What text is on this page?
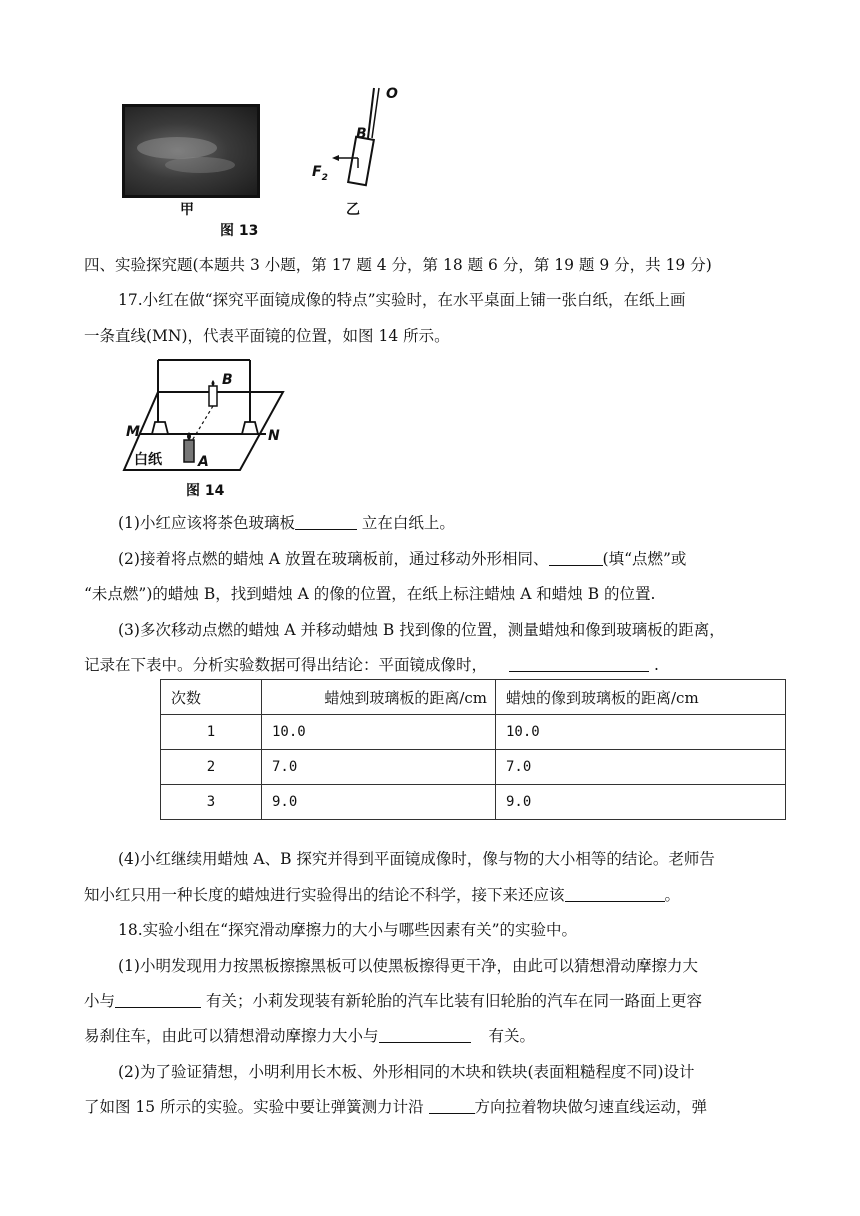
甲
O
B
$F_2$
乙
图 13
四、实验探究题(本题共 3 小题，第 17 题 4 分，第 18 题 6 分，第 19 题 9 分，共 19 分)
17.小红在做“探究平面镜成像的特点”实验时，在水平桌面上铺一张白纸，在纸上画
一条直线(MN)，代表平面镜的位置，如图 14 所示。
B
M	N
白纸	A
图 14
(1)小红应该将茶色玻璃板	立在白纸上。
(2)接着将点燃的蜡烛 A 放置在玻璃板前，通过移动外形相同、	(填“点燃”或
“未点燃”)的蜡烛 B，找到蜡烛 A 的像的位置，在纸上标注蜡烛 A 和蜡烛 B 的位置.
(3)多次移动点燃的蜡烛 A 并移动蜡烛 B 找到像的位置，测量蜡烛和像到玻璃板的距离，
记录在下表中。分析实验数据可得出结论：平面镜成像时，	.
次数	蜡烛到玻璃板的距离/cm	蜡烛的像到玻璃板的距离/cm
1	10.0	10.0
2	7.0	7.0
3	9.0	9.0
(4)小红继续用蜡烛 A、B 探究并得到平面镜成像时，像与物的大小相等的结论。老师告
知小红只用一种长度的蜡烛进行实验得出的结论不科学，接下来还应该	。
18.实验小组在“探究滑动摩擦力的大小与哪些因素有关”的实验中。
(1)小明发现用力按黑板擦擦黑板可以使黑板擦得更干净，由此可以猜想滑动摩擦力大
小与	有关；小莉发现装有新轮胎的汽车比装有旧轮胎的汽车在同一路面上更容
易刹住车，由此可以猜想滑动摩擦力大小与	有关。
(2)为了验证猜想，小明利用长木板、外形相同的木块和铁块(表面粗糙程度不同)设计
了如图 15 所示的实验。实验中要让弹簧测力计沿	方向拉着物块做匀速直线运动，弹
